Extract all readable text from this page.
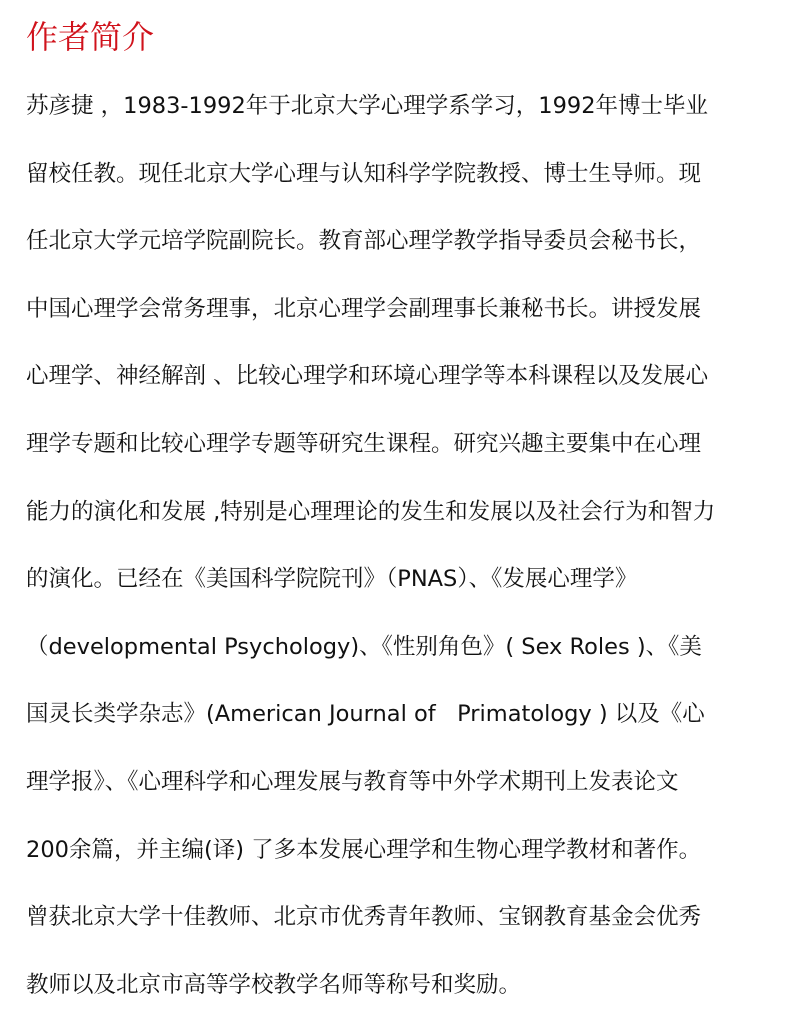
作者简介
苏彦捷 ，1983-1992年于北京大学心理学系学习，1992年博士毕业
留校任教。现任北京大学心理与认知科学学院教授、博士生导师。现
任北京大学元培学院副院长。教育部心理学教学指导委员会秘书长，
中国心理学会常务理事，北京心理学会副理事长兼秘书长。讲授发展
心理学、神经解剖 、比较心理学和环境心理学等本科课程以及发展心
理学专题和比较心理学专题等研究生课程。研究兴趣主要集中在心理
能力的演化和发展 ,特别是心理理论的发生和发展以及社会行为和智力
的演化。已经在《美国科学院院刊》（PNAS）、《发展心理学》
（developmental Psychology)、《性别角色》( Sex Roles )、《美
国灵长类学杂志》(American Journal of   Primatology ) 以及《心
理学报》、《心理科学和心理发展与教育等中外学术期刊上发表论文
200余篇，并主编(译) 了多本发展心理学和生物心理学教材和著作。
曾获北京大学十佳教师、北京市优秀青年教师、宝钢教育基金会优秀
教师以及北京市高等学校教学名师等称号和奖励。
